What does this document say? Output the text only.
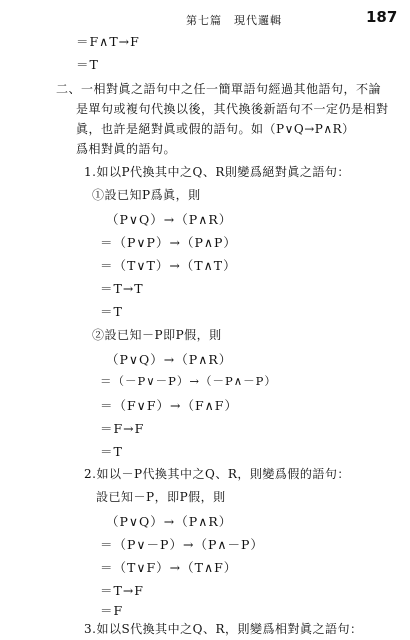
第七篇　現代邏輯	187
＝F∧T→F
＝T
二、一相對眞之語句中之任一簡單語句經過其他語句，不論
是單句或複句代換以後，其代換後新語句不一定仍是相對
眞，也許是絕對眞或假的語句。如（P∨Q→P∧R）
爲相對眞的語句。
1.如以P代換其中之Q、R則變爲絕對眞之語句：
①設已知P爲眞，則
（P∨Q）→（P∧R）
＝（P∨P）→（P∧P）
＝（T∨T）→（T∧T）
＝T→T
＝T
②設已知－P即P假，則
（P∨Q）→（P∧R）
＝（－P∨－P）→（－P∧－P）
＝（F∨F）→（F∧F）
＝F→F
＝T
2.如以－P代換其中之Q、R，則變爲假的語句：
設已知－P，即P假，則
（P∨Q）→（P∧R）
＝（P∨－P）→（P∧－P）
＝（T∨F）→（T∧F）
＝T→F
＝F
3.如以S代換其中之Q、R，則變爲相對眞之語句：
